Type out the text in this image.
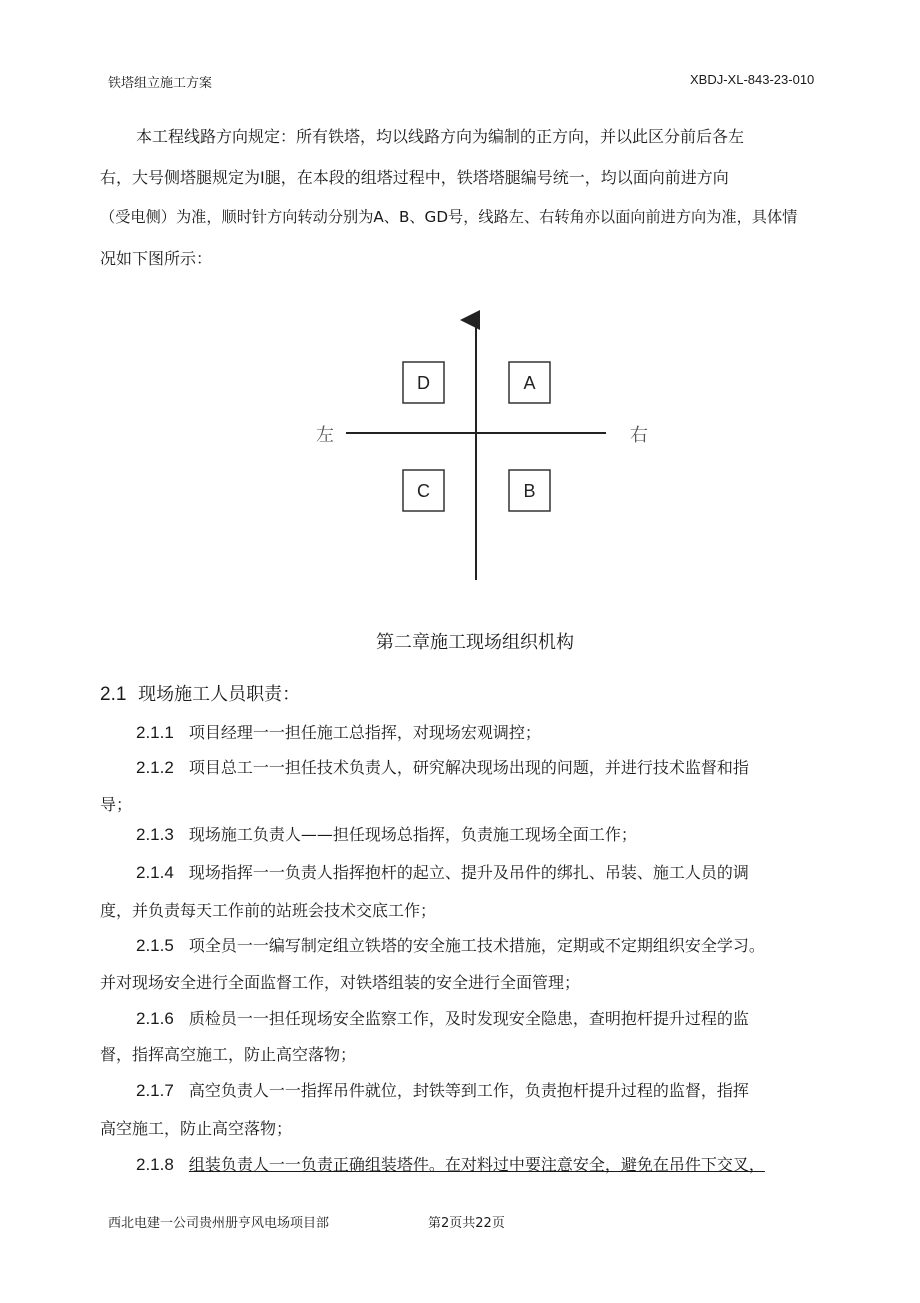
铁塔组立施工方案	XBDJ-XL-843-23-010
本工程线路方向规定：所有铁塔，均以线路方向为编制的正方向，并以此区分前后各左
右，大号侧塔腿规定为Ⅰ腿，在本段的组塔过程中，铁塔塔腿编号统一，均以面向前进方向
（受电侧）为准，顺时针方向转动分别为A、B、GD号，线路左、右转角亦以面向前进方向为准，具体情
况如下图所示：
左	右
D	A
C	B
第二章施工现场组织机构
2.1 现场施工人员职责：
2.1.1 项目经理一一担任施工总指挥，对现场宏观调控；
2.1.2 项目总工一一担任技术负责人，研究解决现场出现的问题，并进行技术监督和指
导；
2.1.3 现场施工负责人——担任现场总指挥，负责施工现场全面工作；
2.1.4 现场指挥一一负责人指挥抱杆的起立、提升及吊件的绑扎、吊装、施工人员的调
度，并负责每天工作前的站班会技术交底工作；
2.1.5 项全员一一编写制定组立铁塔的安全施工技术措施，定期或不定期组织安全学习。
并对现场安全进行全面监督工作，对铁塔组装的安全进行全面管理；
2.1.6 质检员一一担任现场安全监察工作，及时发现安全隐患，查明抱杆提升过程的监
督，指挥高空施工，防止高空落物；
2.1.7 高空负责人一一指挥吊件就位，封铁等到工作，负责抱杆提升过程的监督，指挥
高空施工，防止高空落物；
2.1.8 组装负责人一一负责正确组装塔件。在对料过中要注意安全，避免在吊件下交叉，
西北电建一公司贵州册亨风电场项目部	第2页共22页
